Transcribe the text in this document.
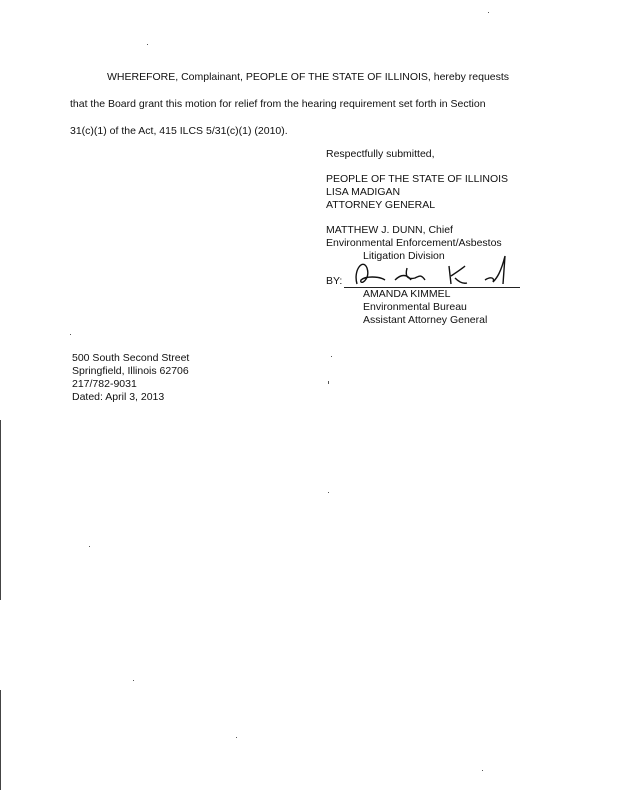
WHEREFORE, Complainant, PEOPLE OF THE STATE OF ILLINOIS, hereby requests
that the Board grant this motion for relief from the hearing requirement set forth in Section
31(c)(1) of the Act, 415 ILCS 5/31(c)(1) (2010).
Respectfully submitted,
PEOPLE OF THE STATE OF ILLINOIS
LISA MADIGAN
ATTORNEY GENERAL
MATTHEW J. DUNN, Chief
Environmental Enforcement/Asbestos
Litigation Division
BY:
AMANDA KIMMEL
Environmental Bureau
Assistant Attorney General
500 South Second Street
Springfield, Illinois 62706
217/782-9031
Dated: April 3, 2013
